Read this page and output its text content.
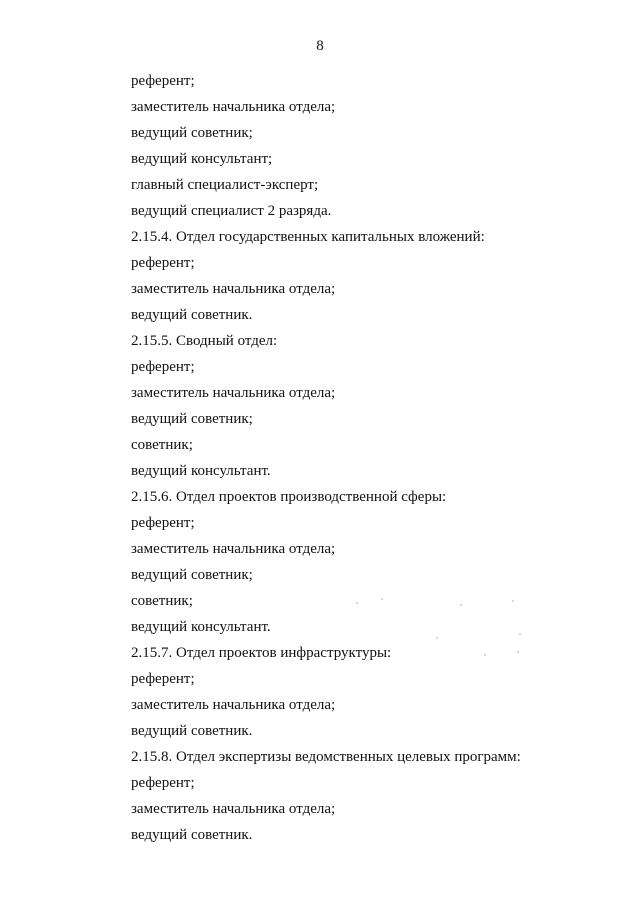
8
референт;
заместитель начальника отдела;
ведущий советник;
ведущий консультант;
главный специалист-эксперт;
ведущий специалист 2 разряда.
2.15.4. Отдел государственных капитальных вложений:
референт;
заместитель начальника отдела;
ведущий советник.
2.15.5. Сводный отдел:
референт;
заместитель начальника отдела;
ведущий советник;
советник;
ведущий консультант.
2.15.6. Отдел проектов производственной сферы:
референт;
заместитель начальника отдела;
ведущий советник;
советник;
ведущий консультант.
2.15.7. Отдел проектов инфраструктуры:
референт;
заместитель начальника отдела;
ведущий советник.
2.15.8. Отдел экспертизы ведомственных целевых программ:
референт;
заместитель начальника отдела;
ведущий советник.
